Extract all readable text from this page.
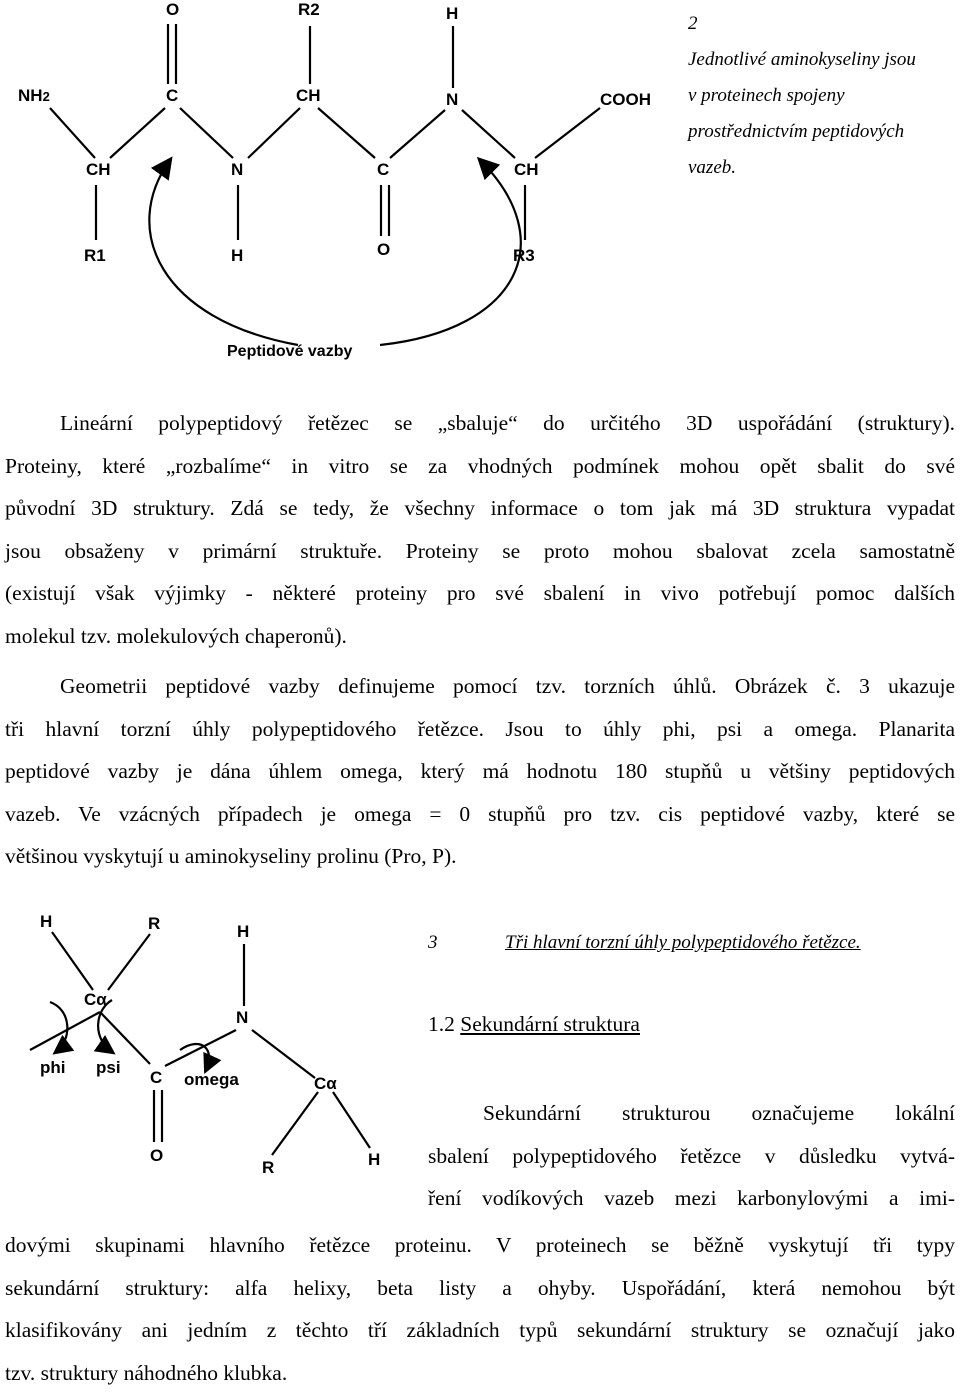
O	R2	H
NH2	C	CH	N	COOH
CH	N	C	CH
R1	H	O	R3
Peptidové vazby
2
Jednotlivé aminokyseliny jsou
v proteinech spojeny
prostřednictvím peptidových
vazeb.
Lineární polypeptidový řetězec se „sbaluje“ do určitého 3D uspořádání (struktury).
Proteiny, které „rozbalíme“ in vitro se za vhodných podmínek mohou opět sbalit do své
původní 3D struktury. Zdá se tedy, že všechny informace o tom jak má 3D struktura vypadat
jsou obsaženy v primární struktuře. Proteiny se proto mohou sbalovat zcela samostatně
(existují však výjimky - některé proteiny pro své sbalení in vivo potřebují pomoc dalších
molekul tzv. molekulových chaperonů).
Geometrii peptidové vazby definujeme pomocí tzv. torzních úhlů. Obrázek č. 3 ukazuje
tři hlavní torzní úhly polypeptidového řetězce. Jsou to úhly phi, psi a omega. Planarita
peptidové vazby je dána úhlem omega, který má hodnotu 180 stupňů u většiny peptidových
vazeb. Ve vzácných případech je omega = 0 stupňů pro tzv. cis peptidové vazby, které se
většinou vyskytují u aminokyseliny prolinu (Pro, P).
H	R	H
Cα
N
phi psi
C omega	Cα
O
R	H
3	Tři hlavní torzní úhly polypeptidového řetězce.
1.2 Sekundární struktura
Sekundární strukturou označujeme lokální
sbalení polypeptidového řetězce v důsledku vytvá-
ření vodíkových vazeb mezi karbonylovými a imi-
dovými skupinami hlavního řetězce proteinu. V proteinech se běžně vyskytují tři typy
sekundární struktury: alfa helixy, beta listy a ohyby. Uspořádání, která nemohou být
klasifikovány ani jedním z těchto tří základních typů sekundární struktury se označují jako
tzv. struktury náhodného klubka.
